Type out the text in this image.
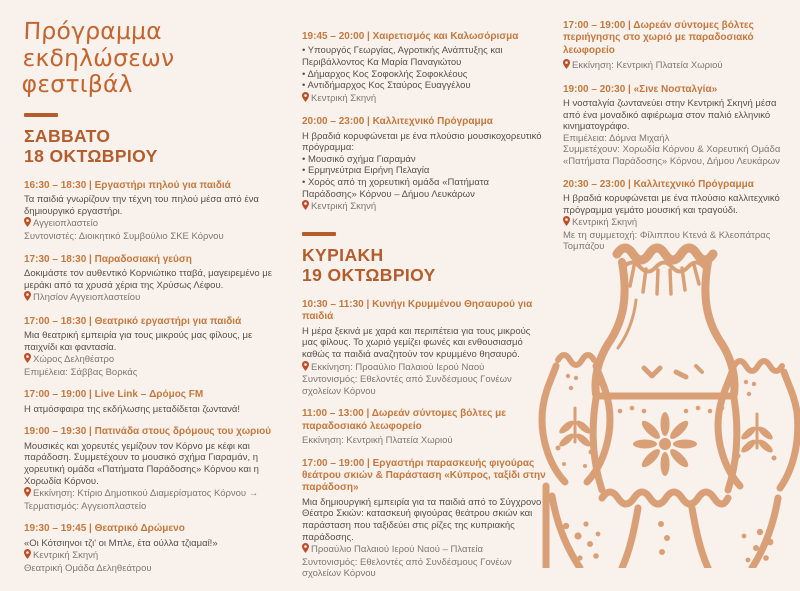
Πρόγραμμα
εκδηλώσεων
φεστιβάλ
ΣΑΒΒΑΤΟ
18 ΟΚΤΩΒΡΙΟΥ
16:30 – 18:30 | Εργαστήρι πηλού για παιδιά
Τα παιδιά γνωρίζουν την τέχνη του πηλού μέσα από ένα δημιουργικό εργαστήρι.
Αγγειοπλαστείο
Συντονιστές: Διοικητικό Συμβούλιο ΣΚΕ Κόρνου
17:30 – 18:30 | Παραδοσιακή γεύση
Δοκιμάστε τον αυθεντικό Κορνιώτικο τταβά, μαγειρεμένο με μεράκι από τα χρυσά χέρια της Χρύσως Λέφου.
Πλησίον Αγγειοπλαστείου
17:00 – 18:30 | Θεατρικό εργαστήρι για παιδιά
Μια θεατρική εμπειρία για τους μικρούς μας φίλους, με παιχνίδι και φαντασία.
Χώρος Δεληθέατρο
Επιμέλεια: Σάββας Βορκάς
17:00 – 19:00 | Live Link – Δρόμος FM
Η ατμόσφαιρα της εκδήλωσης μεταδίδεται ζωντανά!
19:00 – 19:30 | Πατινάδα στους δρόμους του χωριού
Μουσικές και χορευτές γεμίζουν τον Κόρνο με κέφι και παράδοση. Συμμετέχουν το μουσικό σχήμα Γιαραμάν, η χορευτική ομάδα «Πατήματα Παράδοσης» Κόρνου και η Χορωδία Κόρνου.
Εκκίνηση: Κτίριο Δημοτικού Διαμερίσματος Κόρνου → Τερματισμός: Αγγειοπλαστείο
19:30 – 19:45 | Θεατρικό Δρώμενο
«Οι Κότσιηνοι τζι' οι Μπλε, έτα ούλλα τζιαμαί!»
Κεντρική Σκηνή
Θεατρική Ομάδα Δεληθεάτρου
19:45 – 20:00 | Χαιρετισμός και Καλωσόρισμα
• Υπουργός Γεωργίας, Αγροτικής Ανάπτυξης και Περιβάλλοντος Κα Μαρία Παναγιώτου
• Δήμαρχος Κος Σοφοκλής Σοφοκλέους
• Αντιδήμαρχος Κος Σταύρος Ευαγγέλου
Κεντρική Σκηνή
20:00 – 23:00 | Καλλιτεχνικό Πρόγραμμα
Η βραδιά κορυφώνεται με ένα πλούσιο μουσικοχορευτικό πρόγραμμα:
• Μουσικό σχήμα Γιαραμάν
• Ερμηνεύτρια Ειρήνη Πελαγία
• Χορός από τη χορευτική ομάδα «Πατήματα Παράδοσης» Κόρνου – Δήμου Λευκάρων
Κεντρική Σκηνή
ΚΥΡΙΑΚΗ
19 ΟΚΤΩΒΡΙΟΥ
10:30 – 11:30 | Κυνήγι Κρυμμένου Θησαυρού για παιδιά
Η μέρα ξεκινά με χαρά και περιπέτεια για τους μικρούς μας φίλους. Το χωριό γεμίζει φωνές και ενθουσιασμό καθώς τα παιδιά αναζητούν τον κρυμμένο θησαυρό.
Εκκίνηση: Προαύλιο Παλαιού Ιερού Ναού
Συντονισμός: Εθελοντές από Συνδέσμους Γονέων σχολείων Κόρνου
11:00 – 13:00 | Δωρεάν σύντομες βόλτες με παραδοσιακό λεωφορείο
Εκκίνηση: Κεντρική Πλατεία Χωριού
17:00 – 19:00 | Εργαστήρι παρασκευής φιγούρας θεάτρου σκιών & Παράσταση «Κύπρος, ταξίδι στην παράδοση»
Μια δημιουργική εμπειρία για τα παιδιά από το Σύγχρονο Θέατρο Σκιών: κατασκευή φιγούρας θεάτρου σκιών και παράσταση που ταξιδεύει στις ρίζες της κυπριακής παράδοσης.
Προαύλιο Παλαιού Ιερού Ναού – Πλατεία
Συντονισμός: Εθελοντές από Συνδέσμους Γονέων σχολείων Κόρνου
17:00 – 19:00 | Δωρεάν σύντομες βόλτες περιήγησης στο χωριό με παραδοσιακό λεωφορείο
Εκκίνηση: Κεντρική Πλατεία Χωριού
19:00 – 20:30 | «Σινε Νοσταλγία»
Η νοσταλγία ζωντανεύει στην Κεντρική Σκηνή μέσα από ένα μοναδικό αφιέρωμα στον παλιό ελληνικό κινηματογράφο.
Επιμέλεια: Δόμνα Μιχαήλ
Συμμετέχουν: Χορωδία Κόρνου & Χορευτική Ομάδα «Πατήματα Παράδοσης» Κόρνου, Δήμου Λευκάρων
20:30 – 23:00 | Καλλιτεχνικό Πρόγραμμα
Η βραδιά κορυφώνεται με ένα πλούσιο καλλιτεχνικό πρόγραμμα γεμάτο μουσική και τραγούδι.
Κεντρική Σκηνή
Με τη συμμετοχή: Φίλιππου Κτενά & Κλεοπάτρας Τομπάζου
